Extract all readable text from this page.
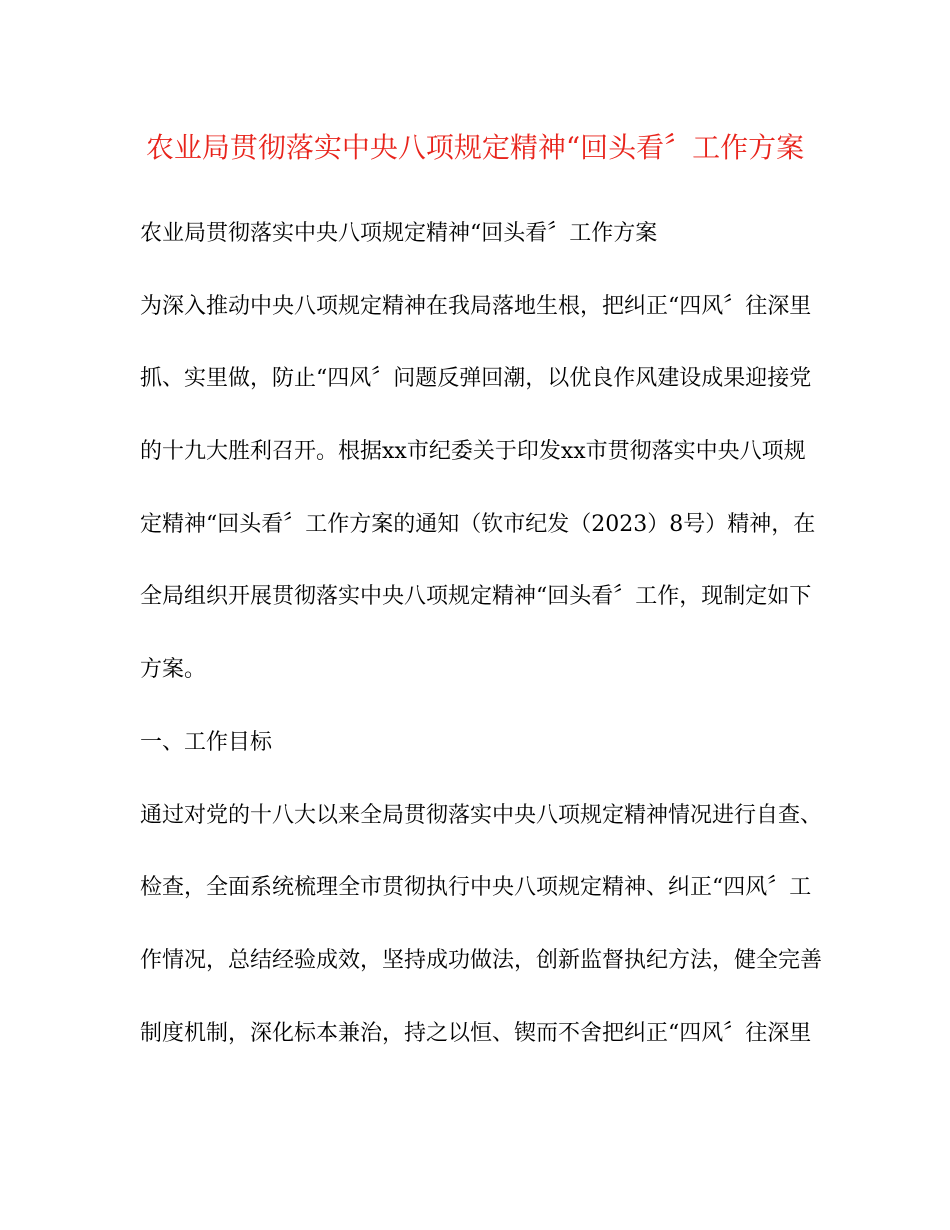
农业局贯彻落实中央八项规定精神“回头看〞工作方案
农业局贯彻落实中央八项规定精神“回头看〞工作方案
为深入推动中央八项规定精神在我局落地生根，把纠正“四风〞往深里
抓、实里做，防止“四风〞问题反弹回潮，以优良作风建设成果迎接党
的十九大胜利召开。根据xx市纪委关于印发xx市贯彻落实中央八项规
定精神“回头看〞工作方案的通知（钦市纪发（2023）8号）精神，在
全局组织开展贯彻落实中央八项规定精神“回头看〞工作，现制定如下
方案。
一、工作目标
通过对党的十八大以来全局贯彻落实中央八项规定精神情况进行自查、
检查，全面系统梳理全市贯彻执行中央八项规定精神、纠正“四风〞工
作情况，总结经验成效，坚持成功做法，创新监督执纪方法，健全完善
制度机制，深化标本兼治，持之以恒、锲而不舍把纠正“四风〞往深里
